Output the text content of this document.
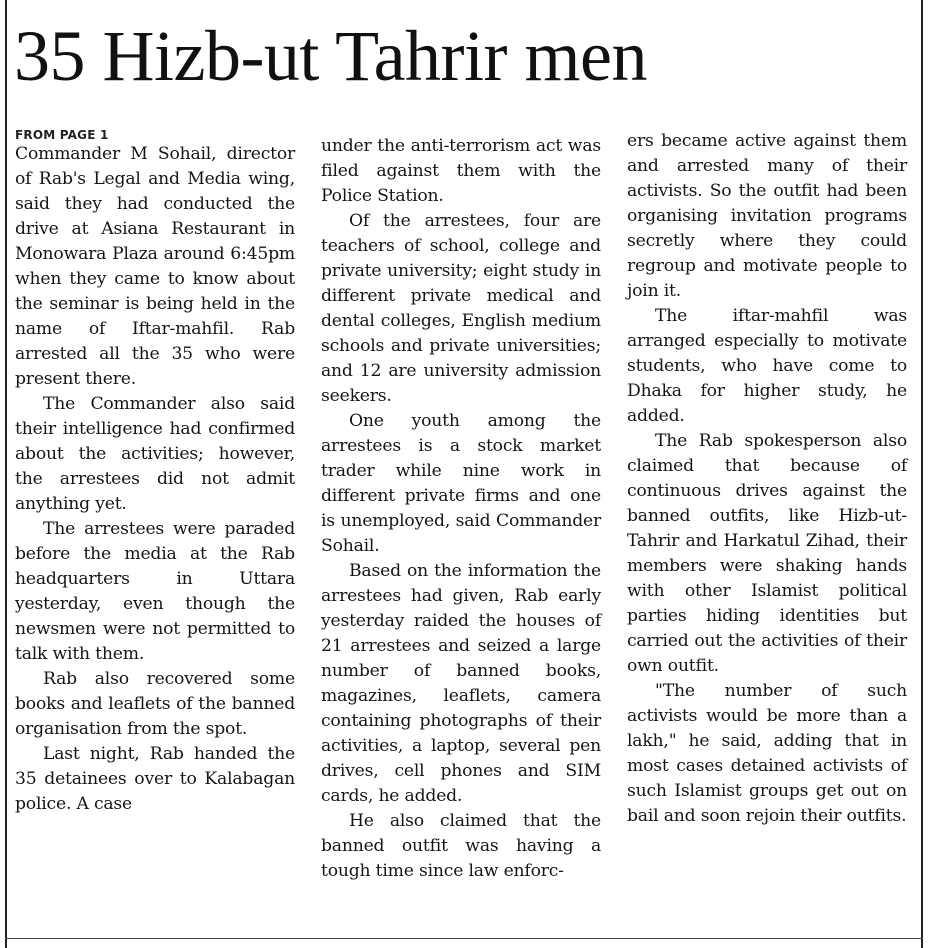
35 Hizb-ut Tahrir men
FROM PAGE 1

Commander M Sohail, director of Rab's Legal and Media wing, said they had conducted the drive at Asiana Restaurant in Monowara Plaza around 6:45pm when they came to know about the seminar is being held in the name of Iftar-mahfil. Rab arrested all the 35 who were present there.

The Commander also said their intelligence had confirmed about the activities; however, the arrestees did not admit anything yet.

The arrestees were paraded before the media at the Rab headquarters in Uttara yesterday, even though the newsmen were not permitted to talk with them.

Rab also recovered some books and leaflets of the banned organisation from the spot.

Last night, Rab handed the 35 detainees over to Kalabagan police. A case

under the anti-terrorism act was filed against them with the Police Station.

Of the arrestees, four are teachers of school, college and private university; eight study in different private medical and dental colleges, English medium schools and private universities; and 12 are university admission seekers.

One youth among the arrestees is a stock market trader while nine work in different private firms and one is unemployed, said Commander Sohail.

Based on the information the arrestees had given, Rab early yesterday raided the houses of 21 arrestees and seized a large number of banned books, magazines, leaflets, camera containing photographs of their activities, a laptop, several pen drives, cell phones and SIM cards, he added.

He also claimed that the banned outfit was having a tough time since law enforc-

ers became active against them and arrested many of their activists. So the outfit had been organising invitation programs secretly where they could regroup and motivate people to join it.

The iftar-mahfil was arranged especially to motivate students, who have come to Dhaka for higher study, he added.

The Rab spokesperson also claimed that because of continuous drives against the banned outfits, like Hizb-ut-Tahrir and Harkatul Zihad, their members were shaking hands with other Islamist political parties hiding identities but carried out the activities of their own outfit.

"The number of such activists would be more than a lakh," he said, adding that in most cases detained activists of such Islamist groups get out on bail and soon rejoin their outfits.
